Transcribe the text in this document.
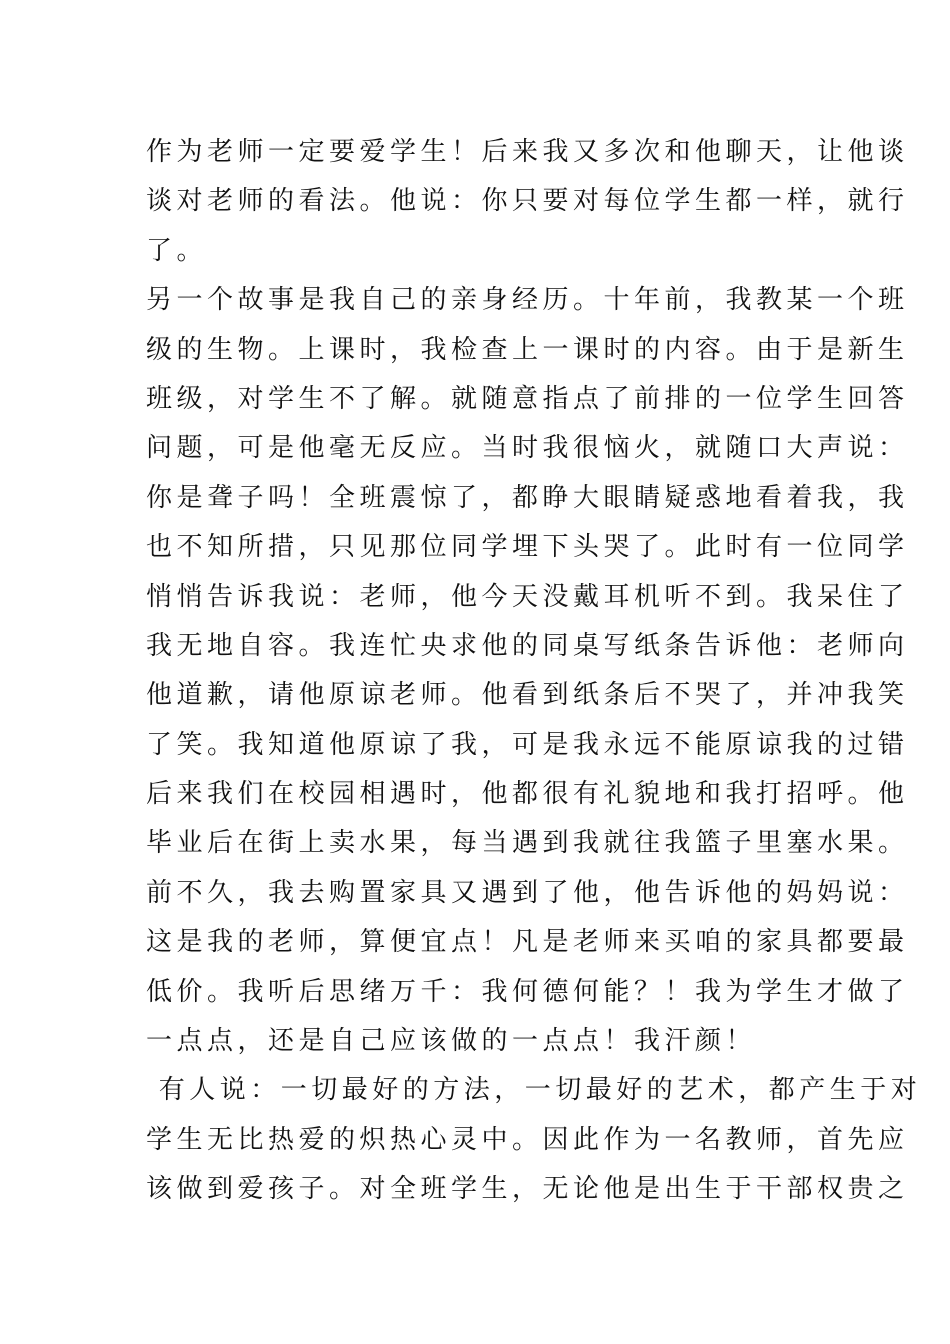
作为老师一定要爱学生！后来我又多次和他聊天，让他谈
谈对老师的看法。他说：你只要对每位学生都一样，就行
了。
另一个故事是我自己的亲身经历。十年前，我教某一个班
级的生物。上课时，我检查上一课时的内容。由于是新生
班级，对学生不了解。就随意指点了前排的一位学生回答
问题，可是他毫无反应。当时我很恼火，就随口大声说：
你是聋子吗！全班震惊了，都睁大眼睛疑惑地看着我，我
也不知所措，只见那位同学埋下头哭了。此时有一位同学
悄悄告诉我说：老师，他今天没戴耳机听不到。我呆住了
我无地自容。我连忙央求他的同桌写纸条告诉他：老师向
他道歉，请他原谅老师。他看到纸条后不哭了，并冲我笑
了笑。我知道他原谅了我，可是我永远不能原谅我的过错
后来我们在校园相遇时，他都很有礼貌地和我打招呼。他
毕业后在街上卖水果，每当遇到我就往我篮子里塞水果。
前不久，我去购置家具又遇到了他，他告诉他的妈妈说：
这是我的老师，算便宜点！凡是老师来买咱的家具都要最
低价。我听后思绪万千：我何德何能？！我为学生才做了
一点点，还是自己应该做的一点点！我汗颜！
有人说：一切最好的方法，一切最好的艺术，都产生于对
学生无比热爱的炽热心灵中。因此作为一名教师，首先应
该做到爱孩子。对全班学生，无论他是出生于干部权贵之
